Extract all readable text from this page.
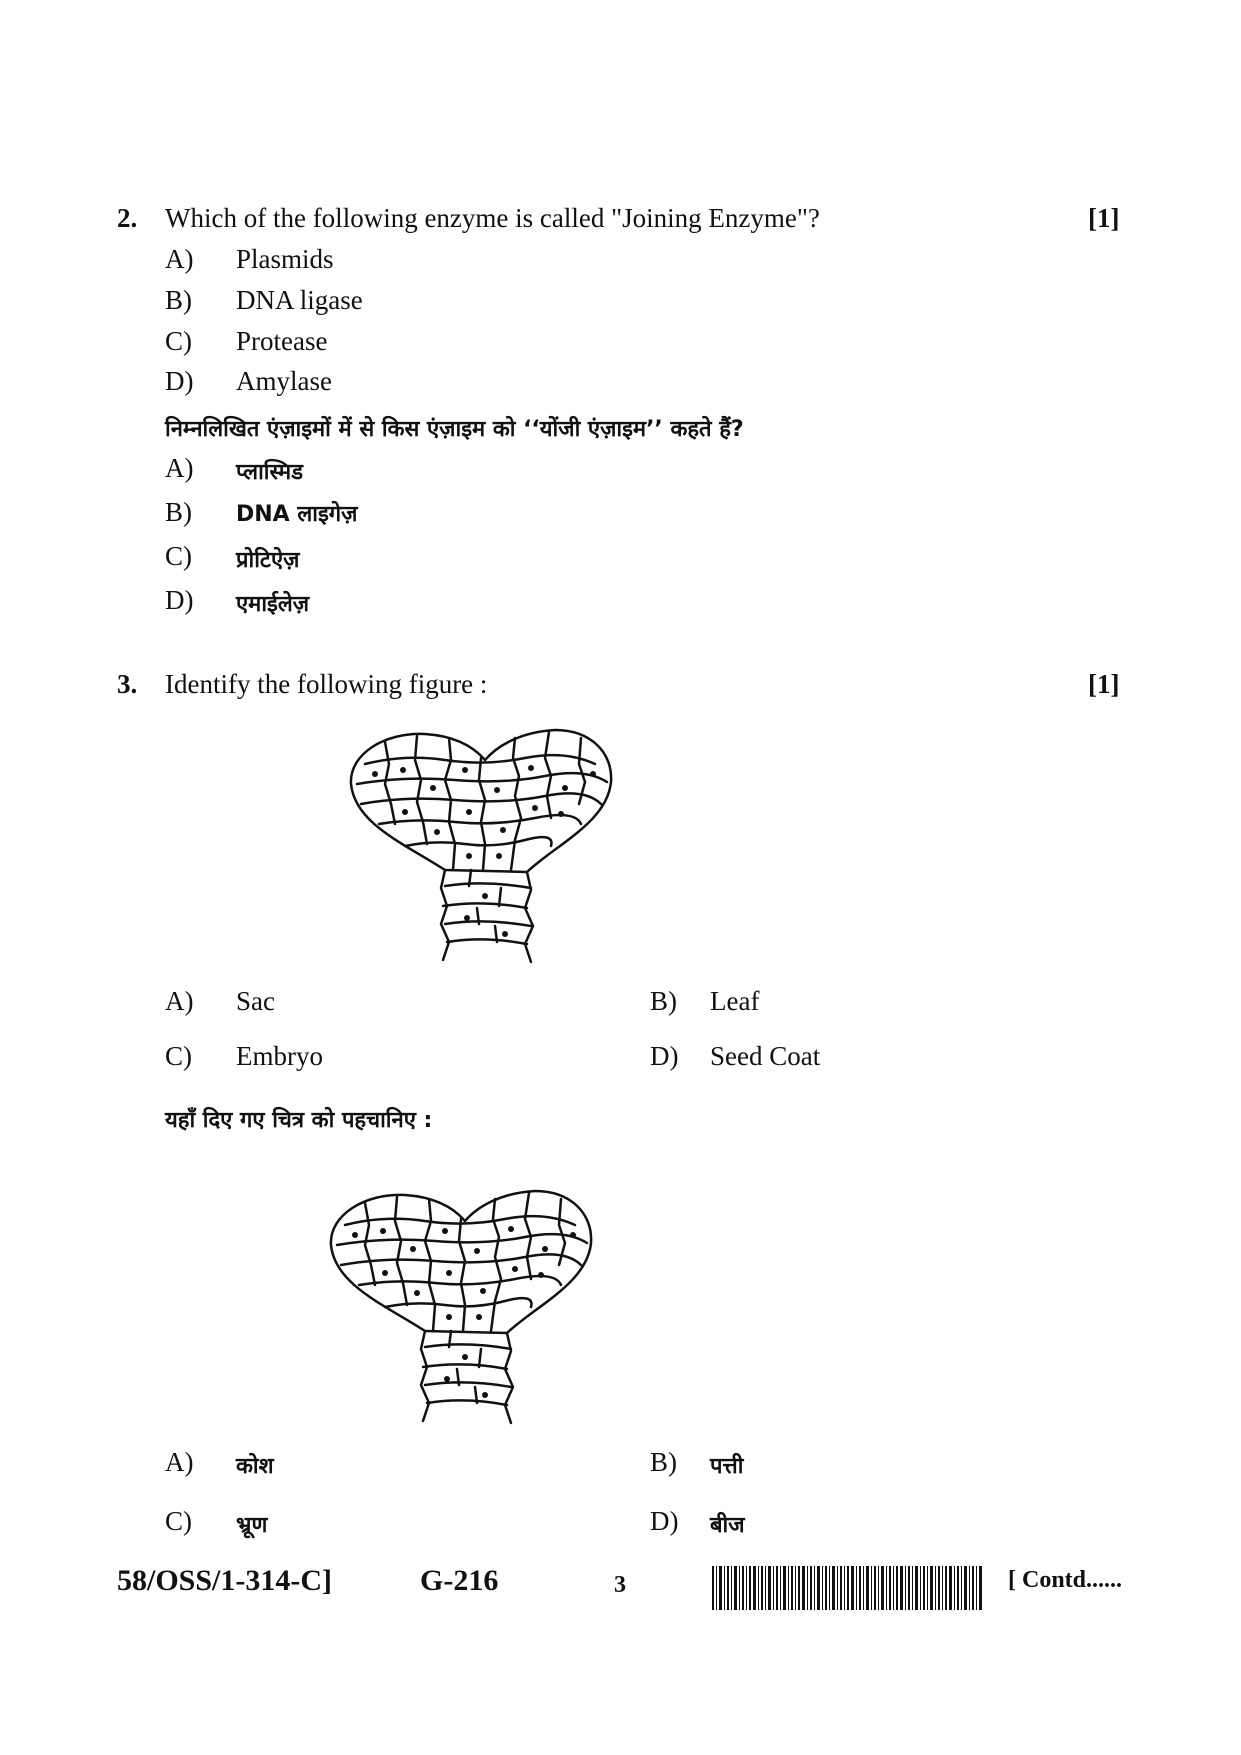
2. Which of the following enzyme is called "Joining Enzyme"?	[1]
A) Plasmids
B) DNA ligase
C) Protease
D) Amylase
निम्नलिखित एंज़ाइमों में से किस एंज़ाइम को ‘‘योंजी एंज़ाइम’’ कहते हैं?
A) प्लास्मिड
B) DNA लाइगेज़
C) प्रोटिऐज़
D) एमाईलेज़
3. Identify the following figure :	[1]
A) Sac	B) Leaf
C) Embryo	D) Seed Coat
यहाँ दिए गए चित्र को पहचानिए :
A) कोश	B) पत्ती
C) भ्रूण	D) बीज
58/OSS/1-314-C]	G-216	3	[ Contd......
